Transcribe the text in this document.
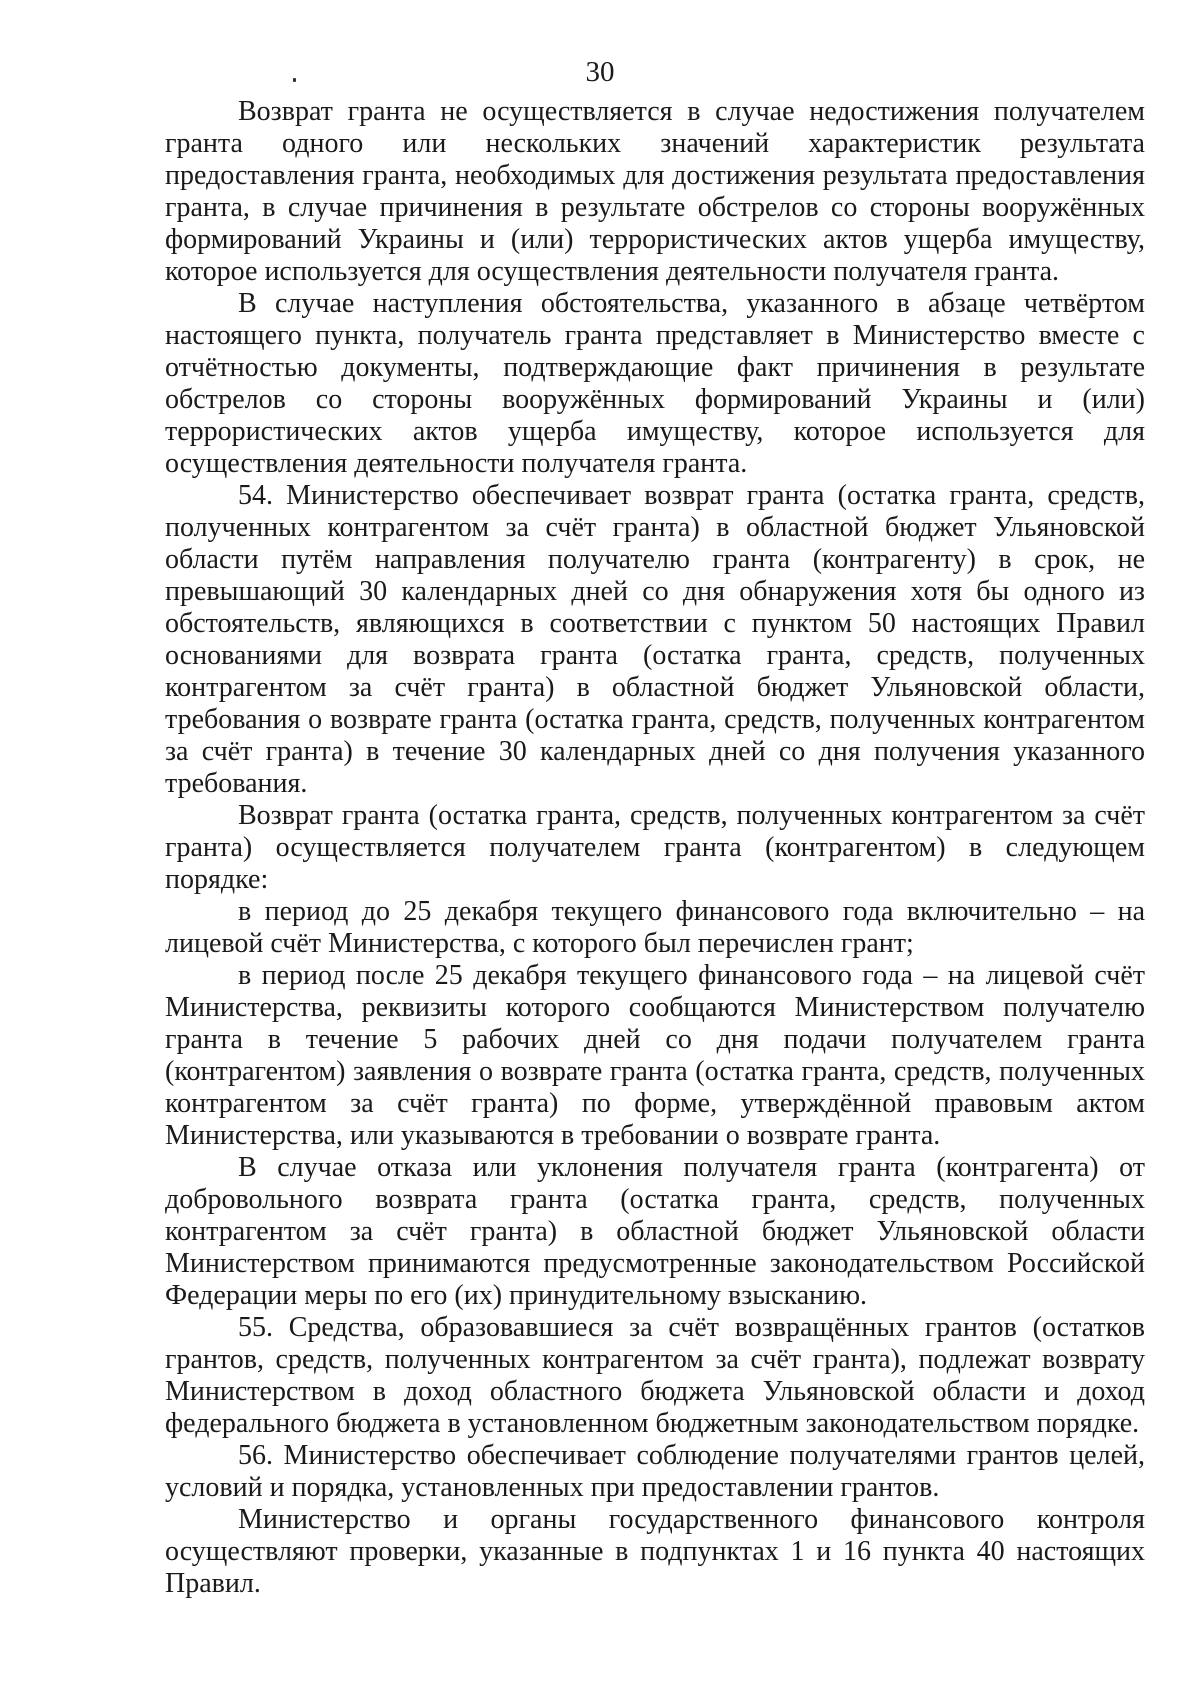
30

Возврат гранта не осуществляется в случае недостижения получателем гранта одного или нескольких значений характеристик результата предоставления гранта, необходимых для достижения результата предоставления гранта, в случае причинения в результате обстрелов со стороны вооружённых формирований Украины и (или) террористических актов ущерба имуществу, которое используется для осуществления деятельности получателя гранта.

В случае наступления обстоятельства, указанного в абзаце четвёртом настоящего пункта, получатель гранта представляет в Министерство вместе с отчётностью документы, подтверждающие факт причинения в результате обстрелов со стороны вооружённых формирований Украины и (или) террористических актов ущерба имуществу, которое используется для осуществления деятельности получателя гранта.

54. Министерство обеспечивает возврат гранта (остатка гранта, средств, полученных контрагентом за счёт гранта) в областной бюджет Ульяновской области путём направления получателю гранта (контрагенту) в срок, не превышающий 30 календарных дней со дня обнаружения хотя бы одного из обстоятельств, являющихся в соответствии с пунктом 50 настоящих Правил основаниями для возврата гранта (остатка гранта, средств, полученных контрагентом за счёт гранта) в областной бюджет Ульяновской области, требования о возврате гранта (остатка гранта, средств, полученных контрагентом за счёт гранта) в течение 30 календарных дней со дня получения указанного требования.

Возврат гранта (остатка гранта, средств, полученных контрагентом за счёт гранта) осуществляется получателем гранта (контрагентом) в следующем порядке:

в период до 25 декабря текущего финансового года включительно – на лицевой счёт Министерства, с которого был перечислен грант;

в период после 25 декабря текущего финансового года – на лицевой счёт Министерства, реквизиты которого сообщаются Министерством получателю гранта в течение 5 рабочих дней со дня подачи получателем гранта (контрагентом) заявления о возврате гранта (остатка гранта, средств, полученных контрагентом за счёт гранта) по форме, утверждённой правовым актом Министерства, или указываются в требовании о возврате гранта.

В случае отказа или уклонения получателя гранта (контрагента) от добровольного возврата гранта (остатка гранта, средств, полученных контрагентом за счёт гранта) в областной бюджет Ульяновской области Министерством принимаются предусмотренные законодательством Российской Федерации меры по его (их) принудительному взысканию.

55. Средства, образовавшиеся за счёт возвращённых грантов (остатков грантов, средств, полученных контрагентом за счёт гранта), подлежат возврату Министерством в доход областного бюджета Ульяновской области и доход федерального бюджета в установленном бюджетным законодательством порядке.

56. Министерство обеспечивает соблюдение получателями грантов целей, условий и порядка, установленных при предоставлении грантов.

Министерство и органы государственного финансового контроля осуществляют проверки, указанные в подпунктах 1 и 16 пункта 40 настоящих Правил.
